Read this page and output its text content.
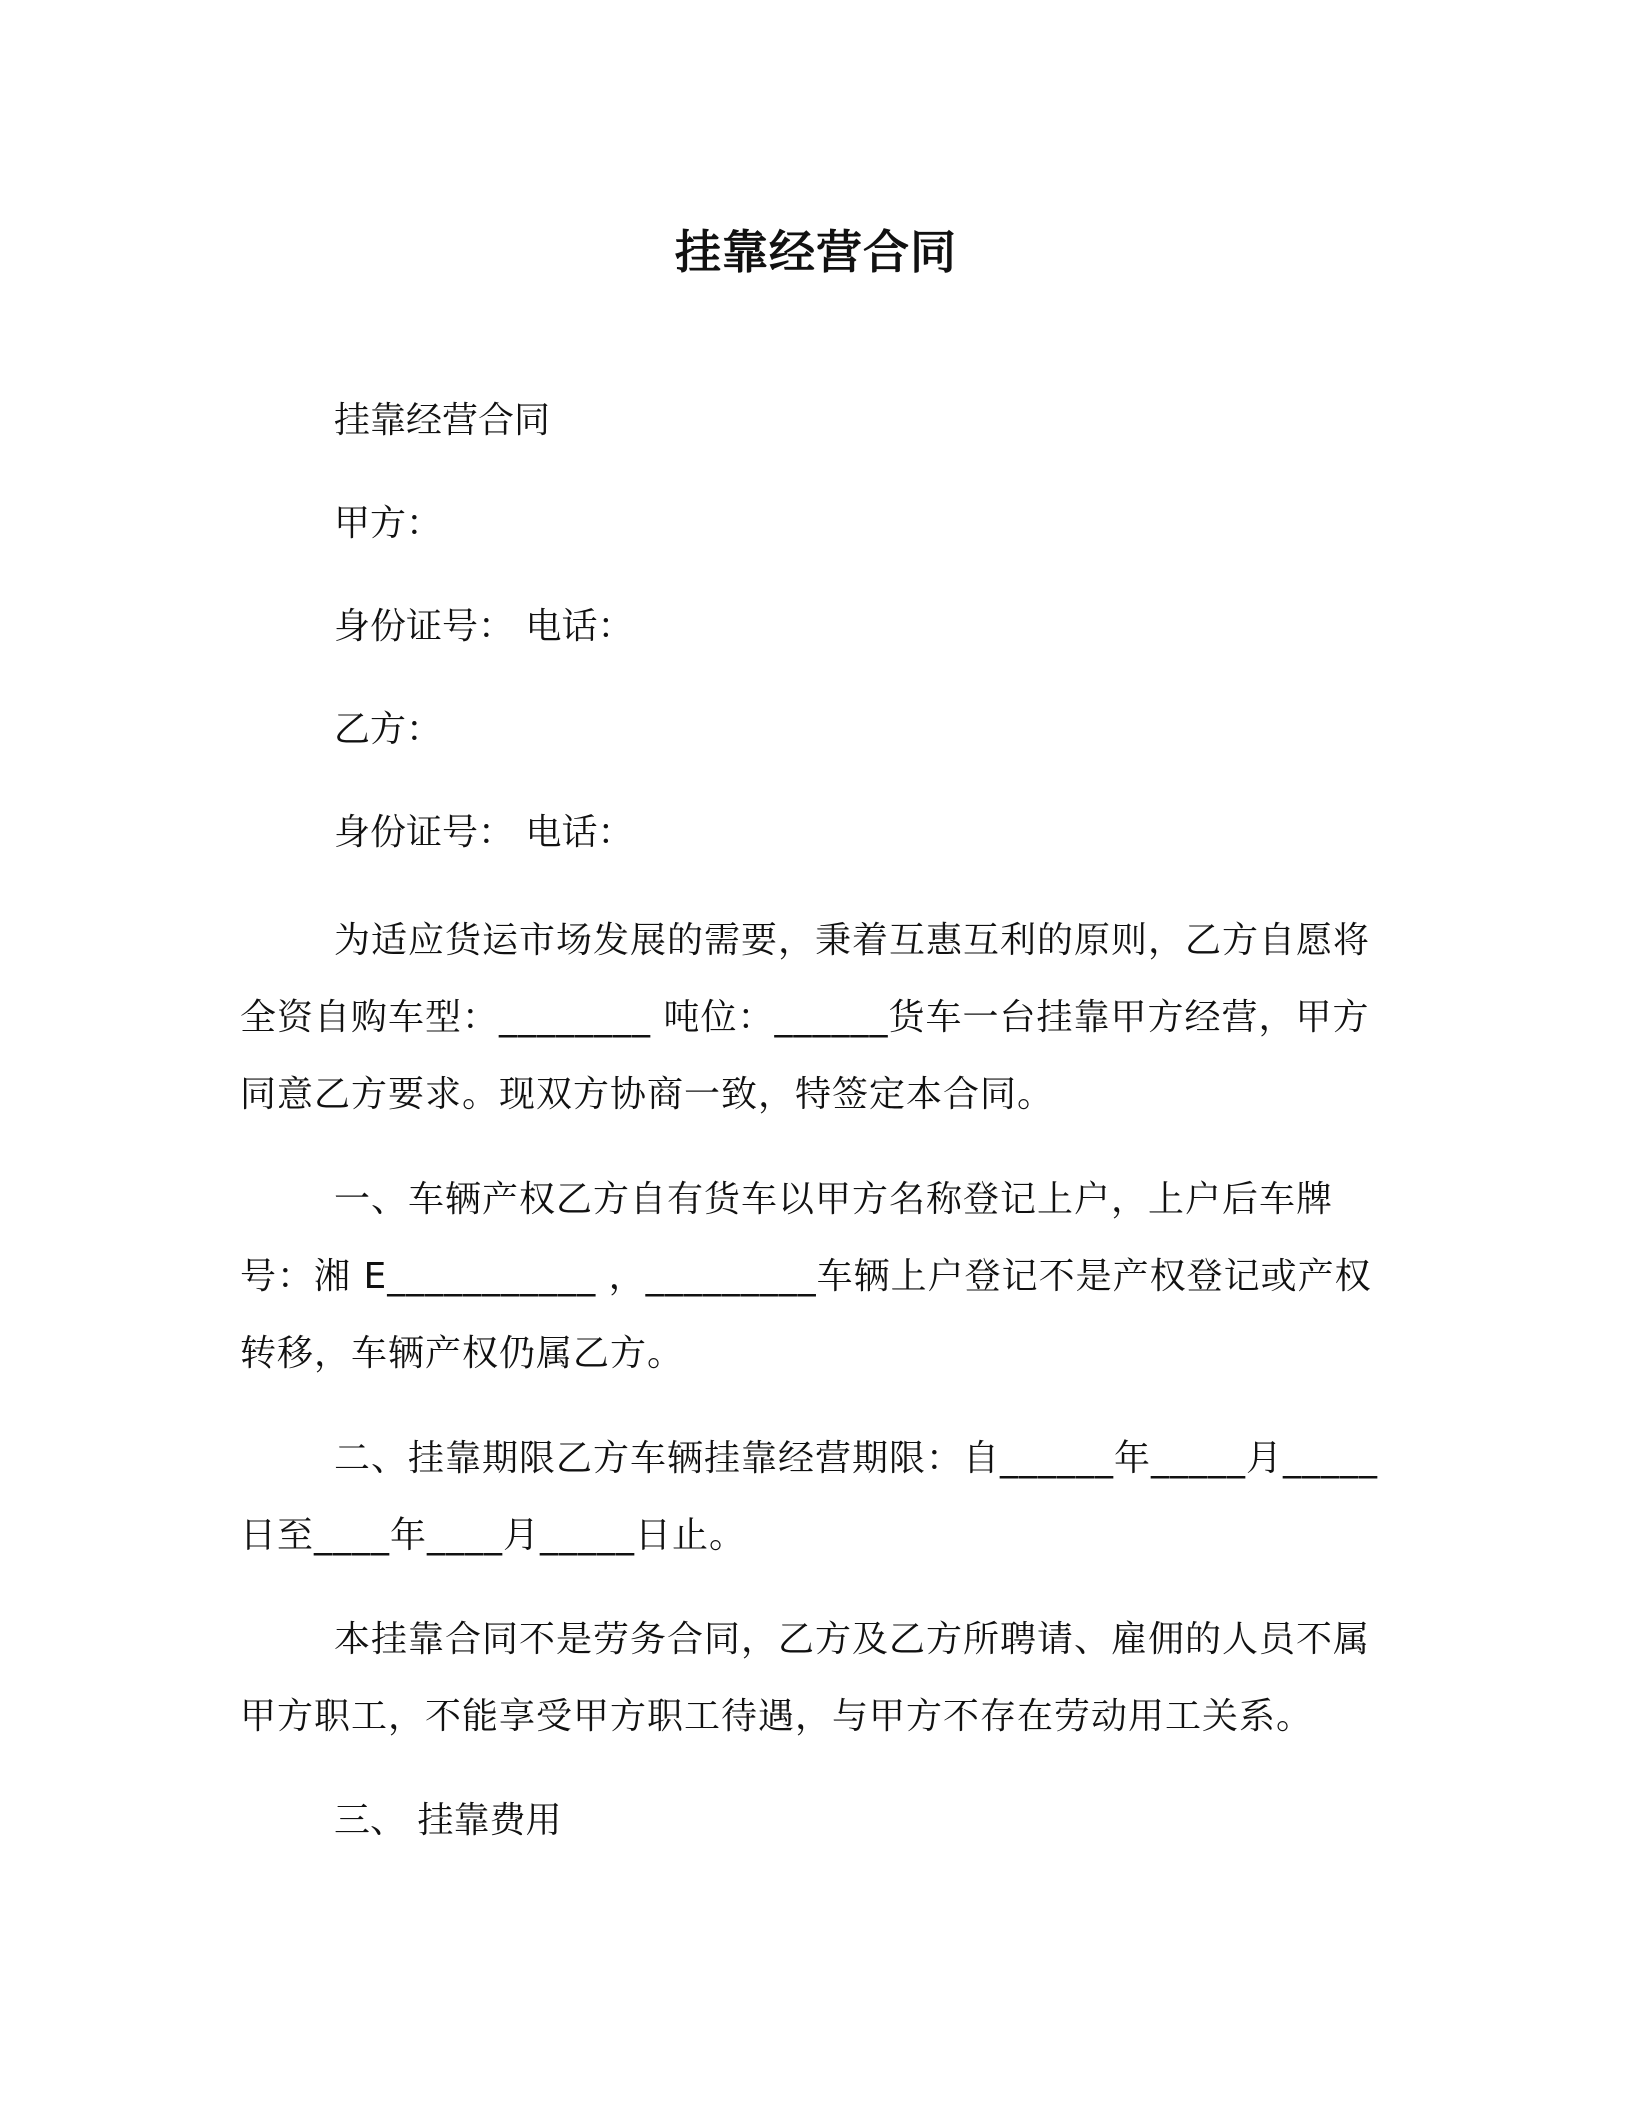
挂靠经营合同
挂靠经营合同
甲方：
身份证号： 电话：
乙方：
身份证号： 电话：

为适应货运市场发展的需要，秉着互惠互利的原则，乙方自愿将全资自购车型：________ 吨位：______货车一台挂靠甲方经营，甲方同意乙方要求。现双方协商一致，特签定本合同。

一、车辆产权乙方自有货车以甲方名称登记上户，上户后车牌号：湘 E___________ ，_________车辆上户登记不是产权登记或产权转移，车辆产权仍属乙方。

二、挂靠期限乙方车辆挂靠经营期限：自______年_____月_____日至____年____月_____日止。

本挂靠合同不是劳务合同，乙方及乙方所聘请、雇佣的人员不属甲方职工，不能享受甲方职工待遇，与甲方不存在劳动用工关系。

三、 挂靠费用
